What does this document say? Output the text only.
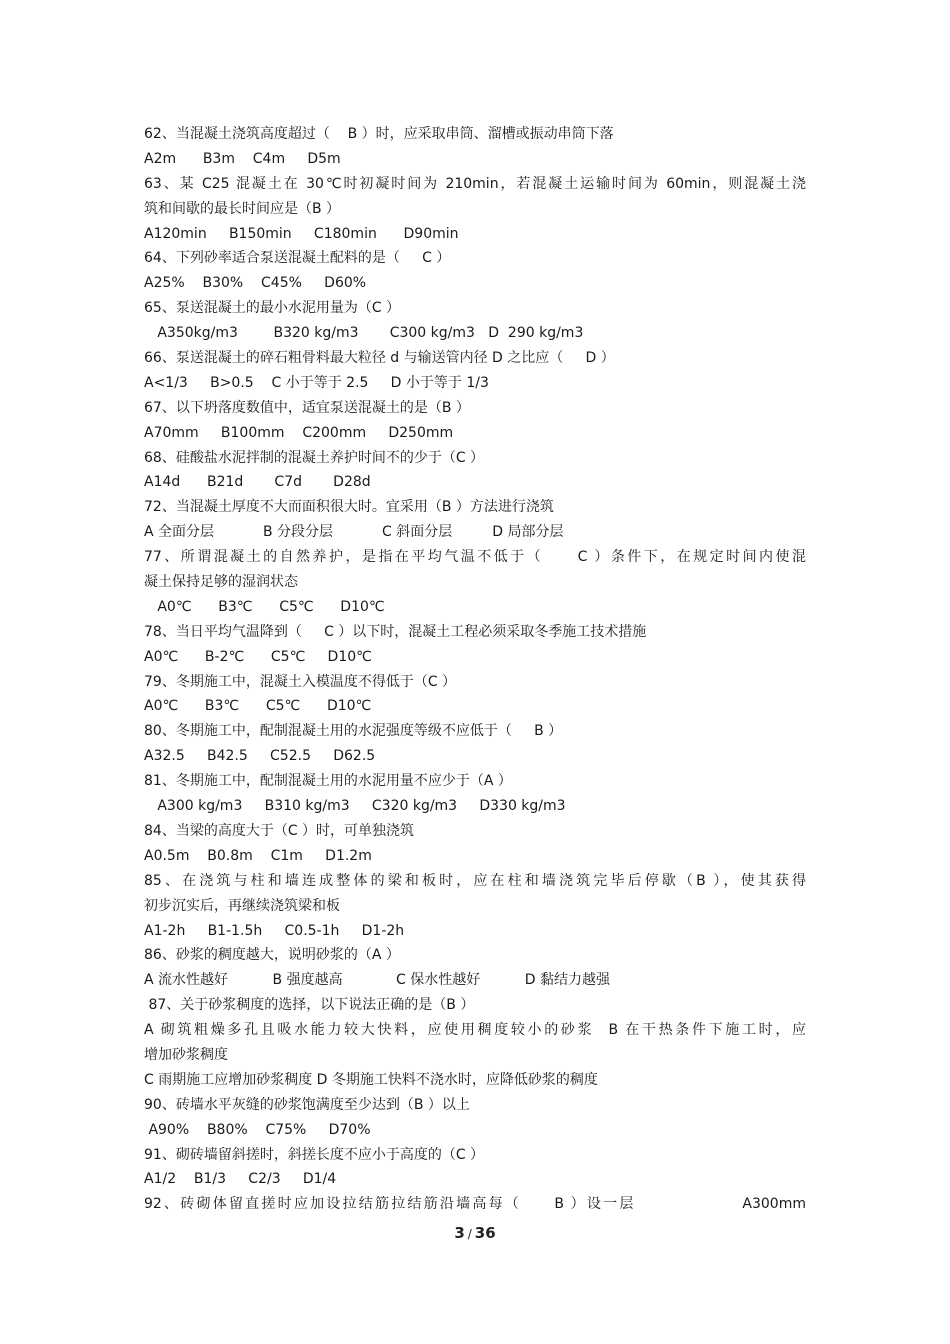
62、当混凝土浇筑高度超过（    B ）时，应采取串筒、溜槽或振动串筒下落
A2m      B3m    C4m     D5m
63、某 C25 混凝土在 30℃时初凝时间为 210min，若混凝土运输时间为 60min，则混凝土浇
筑和间歇的最长时间应是（B ）
A120min     B150min     C180min      D90min
64、下列砂率适合泵送混凝土配料的是（     C ）
A25%    B30%    C45%     D60%
65、泵送混凝土的最小水泥用量为（C ）
A350kg/m3        B320 kg/m3       C300 kg/m3   D  290 kg/m3
66、泵送混凝土的碎石粗骨料最大粒径 d 与输送管内径 D 之比应（     D ）
A<1/3     B>0.5    C 小于等于 2.5     D 小于等于 1/3
67、以下坍落度数值中，适宜泵送混凝土的是（B ）
A70mm     B100mm    C200mm     D250mm
68、硅酸盐水泥拌制的混凝土养护时间不的少于（C ）
A14d      B21d       C7d       D28d
72、当混凝土厚度不大而面积很大时。宜采用（B ）方法进行浇筑
A 全面分层           B 分段分层           C 斜面分层         D 局部分层
77、所谓混凝土的自然养护，是指在平均气温不低于（     C ）条件下，在规定时间内使混
凝土保持足够的湿润状态
A0℃      B3℃      C5℃      D10℃
78、当日平均气温降到（     C ）以下时，混凝土工程必须采取冬季施工技术措施
A0℃      B-2℃      C5℃     D10℃
79、冬期施工中，混凝土入模温度不得低于（C ）
A0℃      B3℃      C5℃      D10℃
80、冬期施工中，配制混凝土用的水泥强度等级不应低于（     B ）
A32.5     B42.5     C52.5     D62.5
81、冬期施工中，配制混凝土用的水泥用量不应少于（A ）
A300 kg/m3     B310 kg/m3     C320 kg/m3     D330 kg/m3
84、当梁的高度大于（C ）时，可单独浇筑
A0.5m    B0.8m    C1m     D1.2m
85、在浇筑与柱和墙连成整体的梁和板时，应在柱和墙浇筑完毕后停歇（B ），使其获得
初步沉实后，再继续浇筑梁和板
A1-2h     B1-1.5h     C0.5-1h     D1-2h
86、砂浆的稠度越大，说明砂浆的（A ）
A 流水性越好          B 强度越高            C 保水性越好          D 黏结力越强
87、关于砂浆稠度的选择，以下说法正确的是（B ）
A 砌筑粗燥多孔且吸水能力较大快料，应使用稠度较小的砂浆  B 在干热条件下施工时，应
增加砂浆稠度
C 雨期施工应增加砂浆稠度 D 冬期施工快料不浇水时，应降低砂浆的稠度
90、砖墙水平灰缝的砂浆饱满度至少达到（B ）以上
A90%    B80%    C75%     D70%
91、砌砖墙留斜搓时，斜搓长度不应小于高度的（C ）
A1/2    B1/3     C2/3     D1/4
92、砖砌体留直搓时应加设拉结筋拉结筋沿墙高每（     B ）设一层                A300mm
3 / 36
